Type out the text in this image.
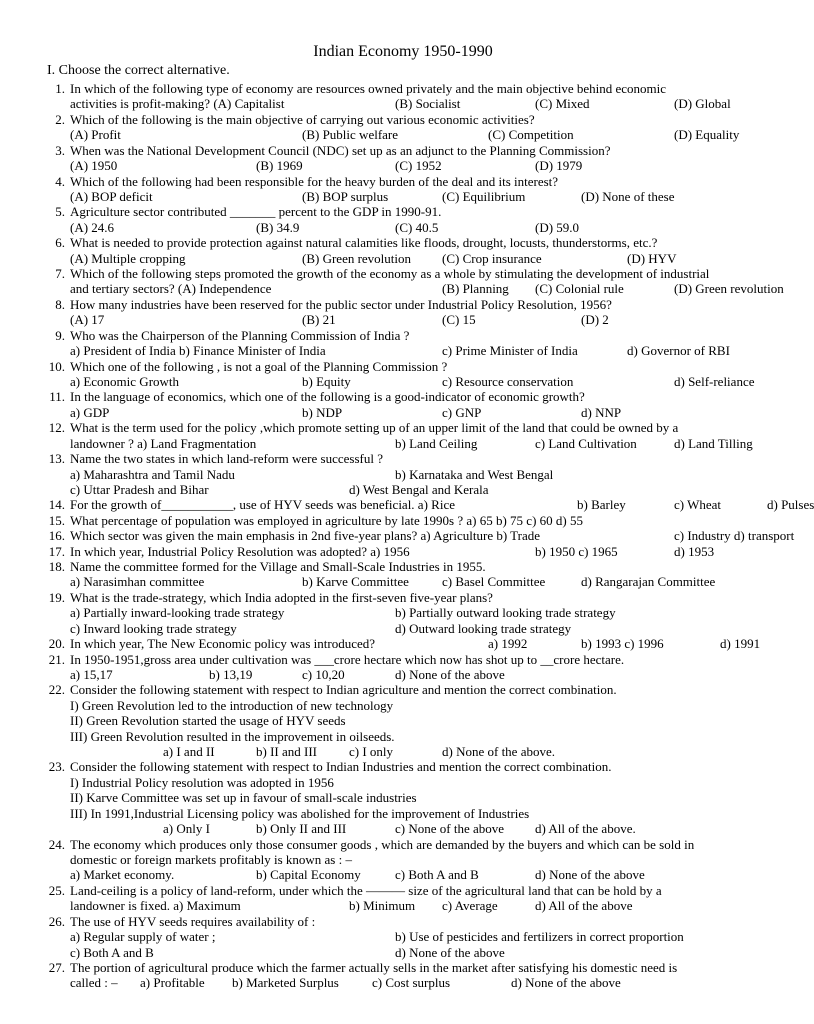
Indian Economy 1950-1990
I. Choose the correct alternative.
1. In which of the following type of economy are resources owned privately and the main objective behind economic
activities is profit-making? (A) Capitalist	(B) Socialist	(C) Mixed	(D) Global
2. Which of the following is the main objective of carrying out various economic activities?
(A) Profit	(B) Public welfare	(C) Competition	(D) Equality
3. When was the National Development Council (NDC) set up as an adjunct to the Planning Commission?
(A) 1950	(B) 1969	(C) 1952	(D) 1979
4. Which of the following had been responsible for the heavy burden of the deal and its interest?
(A) BOP deficit	(B) BOP surplus	(C) Equilibrium	(D) None of these
5. Agriculture sector contributed _______ percent to the GDP in 1990-91.
(A) 24.6	(B) 34.9	(C) 40.5	(D) 59.0
6. What is needed to provide protection against natural calamities like floods, drought, locusts, thunderstorms, etc.?
(A) Multiple cropping	(B) Green revolution (C) Crop insurance	(D) HYV
7. Which of the following steps promoted the growth of the economy as a whole by stimulating the development of industrial
and tertiary sectors? (A) Independence	(B) Planning (C) Colonial rule	(D) Green revolution
8. How many industries have been reserved for the public sector under Industrial Policy Resolution, 1956?
(A) 17	(B) 21	(C) 15	(D) 2
9. Who was the Chairperson of the Planning Commission of India ?
a) President of India b) Finance Minister of India	c) Prime Minister of India	d) Governor of RBI
10. Which one of the following , is not a goal of the Planning Commission ?
a) Economic Growth	b) Equity	c) Resource conservation	d) Self-reliance
11. In the language of economics, which one of the following is a good-indicator of economic growth?
a) GDP	b) NDP	c) GNP	d) NNP
12. What is the term used for the policy ,which promote setting up of an upper limit of the land that could be owned by a
landowner ? a) Land Fragmentation	b) Land Ceiling	c) Land Cultivation	d) Land Tilling
13. Name the two states in which land-reform were successful ?
a) Maharashtra and Tamil Nadu	b) Karnataka and West Bengal
c) Uttar Pradesh and Bihar	d) West Bengal and Kerala
14. For the growth of___________, use of HYV seeds was beneficial. a) Rice	b) Barley	c) Wheat	d) Pulses
15. What percentage of population was employed in agriculture by late 1990s ? a) 65 b) 75 c) 60 d) 55
16. Which sector was given the main emphasis in 2nd five-year plans? a) Agriculture b) Trade	c) Industry d) transport
17. In which year, Industrial Policy Resolution was adopted? a) 1956	b) 1950 c) 1965	d) 1953
18. Name the committee formed for the Village and Small-Scale Industries in 1955.
a) Narasimhan committee	b) Karve Committee	c) Basel Committee	d) Rangarajan Committee
19. What is the trade-strategy, which India adopted in the first-seven five-year plans?
a) Partially inward-looking trade strategy	b) Partially outward looking trade strategy
c) Inward looking trade strategy	d) Outward looking trade strategy
20. In which year, The New Economic policy was introduced?	a) 1992	b) 1993 c) 1996	d) 1991
21. In 1950-1951,gross area under cultivation was ___crore hectare which now has shot up to __crore hectare.
a) 15,17	b) 13,19	c) 10,20	d) None of the above
22. Consider the following statement with respect to Indian agriculture and mention the correct combination.
I) Green Revolution led to the introduction of new technology
II) Green Revolution started the usage of HYV seeds
III) Green Revolution resulted in the improvement in oilseeds.
a) I and II	b) II and III c) I only	d) None of the above.
23. Consider the following statement with respect to Indian Industries and mention the correct combination.
I) Industrial Policy resolution was adopted in 1956
II) Karve Committee was set up in favour of small-scale industries
III) In 1991,Industrial Licensing policy was abolished for the improvement of Industries
a) Only I	b) Only II and III	c) None of the above d) All of the above.
24. The economy which produces only those consumer goods , which are demanded by the buyers and which can be sold in
domestic or foreign markets profitably is known as : –
a) Market economy.	b) Capital Economy	c) Both A and B	d) None of the above
25. Land-ceiling is a policy of land-reform, under which the ——— size of the agricultural land that can be hold by a
landowner is fixed. a) Maximum	b) Minimum c) Average	d) All of the above
26. The use of HYV seeds requires availability of :
a) Regular supply of water ;	b) Use of pesticides and fertilizers in correct proportion
c) Both A and B	d) None of the above
27. The portion of agricultural produce which the farmer actually sells in the market after satisfying his domestic need is
called : – a) Profitable b) Marketed Surplus	c) Cost surplus	d) None of the above
